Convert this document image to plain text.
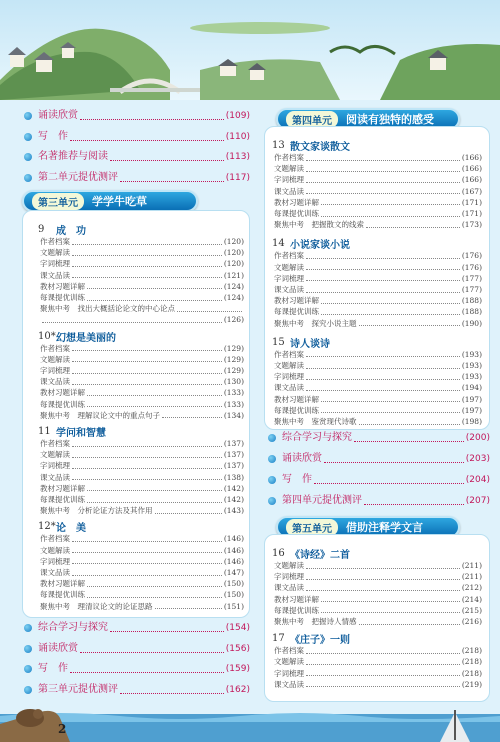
诵读欣赏	(109)
写　作	(110)
名著推荐与阅读	(113)
第二单元提优测评	(117)
第三单元	学学牛吃草
9	成　功
作者档案	(120)
文题解读	(120)
字词梳理	(120)
课文品读	(121)
教材习题详解	(124)
每课提优训练	(124)
聚焦中考　找出大概括论论文的中心论点
(126)
10* 幻想是美丽的
作者档案	(129)
文题解读	(129)
字词梳理	(129)
课文品读	(130)
教材习题详解	(133)
每课提优训练	(133)
聚焦中考　理解议论文中的重点句子	(134)
11 学问和智慧
作者档案	(137)
文题解读	(137)
字词梳理	(137)
课文品读	(138)
教材习题详解	(142)
每课提优训练	(142)
聚焦中考　分析论证方法及其作用	(143)
12* 论　美
作者档案	(146)
文题解读	(146)
字词梳理	(146)
课文品读	(147)
教材习题详解	(150)
每课提优训练	(150)
聚焦中考　理清议论文的论证思路	(151)
综合学习与探究	(154)
诵读欣赏	(156)
写　作	(159)
第三单元提优测评	(162)
第四单元	阅读有独特的感受
13 散文家谈散文
作者档案	(166)
文题解读	(166)
字词梳理	(166)
课文品读	(167)
教材习题详解	(171)
每课提优训练	(171)
聚焦中考　把握散文的线索	(173)
14 小说家谈小说
作者档案	(176)
文题解读	(176)
字词梳理	(177)
课文品读	(177)
教材习题详解	(188)
每课提优训练	(188)
聚焦中考　探究小说主题	(190)
15 诗人谈诗
作者档案	(193)
文题解读	(193)
字词梳理	(193)
课文品读	(194)
教材习题详解	(197)
每课提优训练	(197)
聚焦中考　鉴赏现代诗歌	(198)
综合学习与探究	(200)
诵读欣赏	(203)
写　作	(204)
第四单元提优测评	(207)
第五单元	借助注释学文言
16 《诗经》二首
文题解读	(211)
字词梳理	(211)
课文品读	(212)
教材习题详解	(214)
每课提优训练	(215)
聚焦中考　把握诗人情感	(216)
17 《庄子》一则
作者档案	(218)
文题解读	(218)
字词梳理	(218)
课文品读	(219)
2
